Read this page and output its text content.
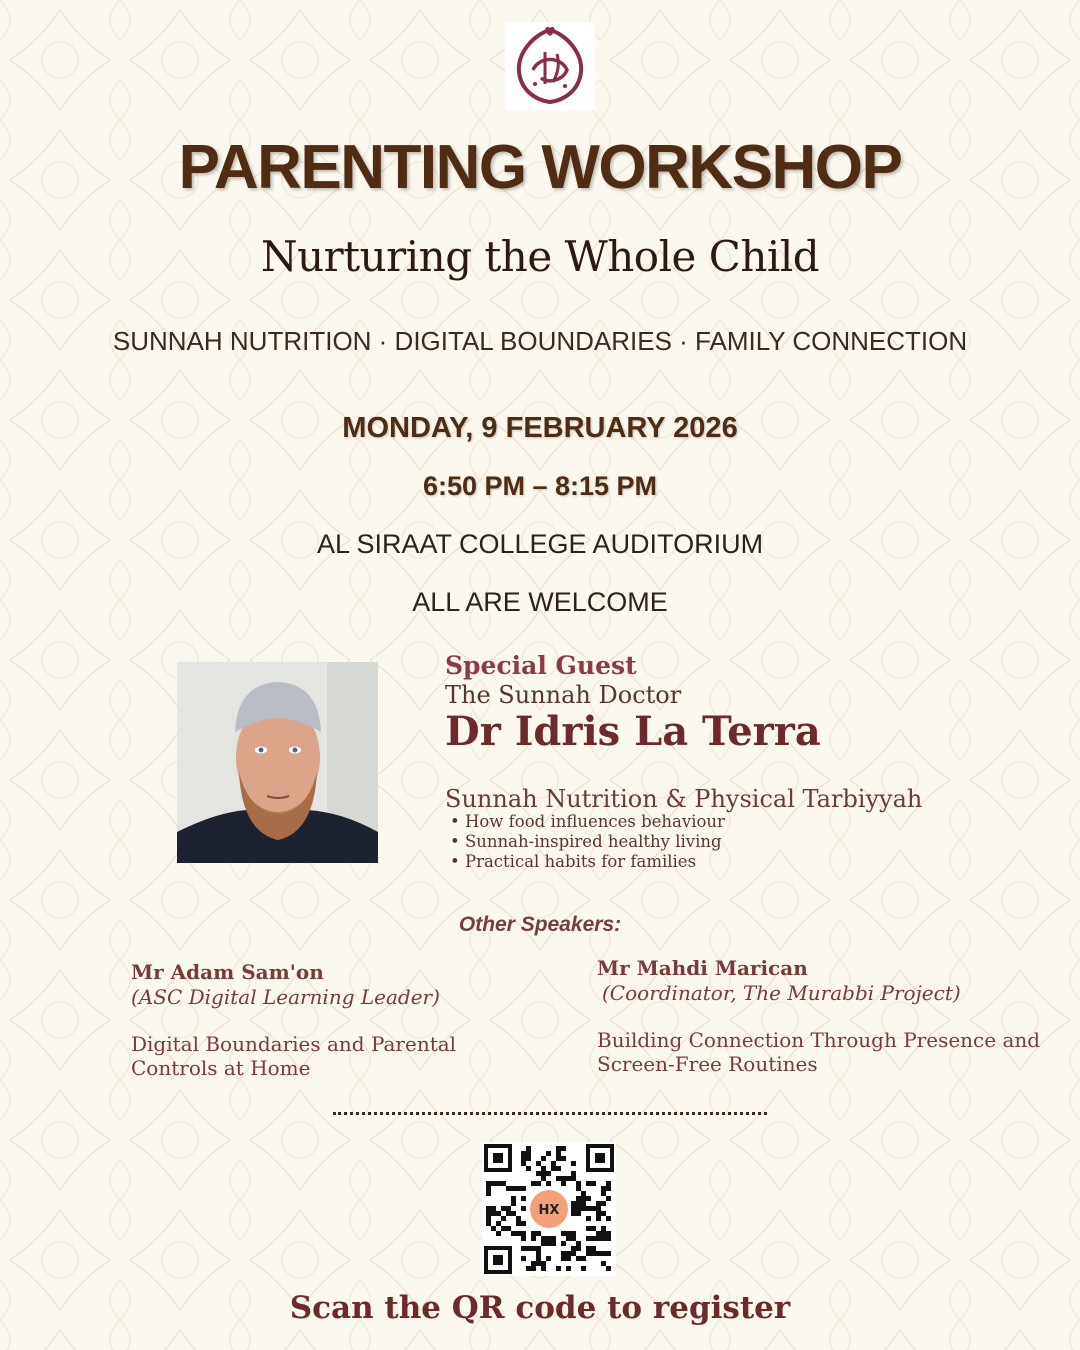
PARENTING WORKSHOP
Nurturing the Whole Child
SUNNAH NUTRITION · DIGITAL BOUNDARIES · FAMILY CONNECTION
MONDAY, 9 FEBRUARY 2026
6:50 PM – 8:15 PM
AL SIRAAT COLLEGE AUDITORIUM
ALL ARE WELCOME
Special Guest
The Sunnah Doctor
Dr Idris La Terra
Sunnah Nutrition & Physical Tarbiyyah
• How food influences behaviour
• Sunnah-inspired healthy living
• Practical habits for families
Other Speakers:
Mr Adam Sam'on
(ASC Digital Learning Leader)
Digital Boundaries and Parental
Controls at Home
Mr Mahdi Marican
(Coordinator, The Murabbi Project)
Building Connection Through Presence and
Screen-Free Routines
HX
Scan the QR code to register
